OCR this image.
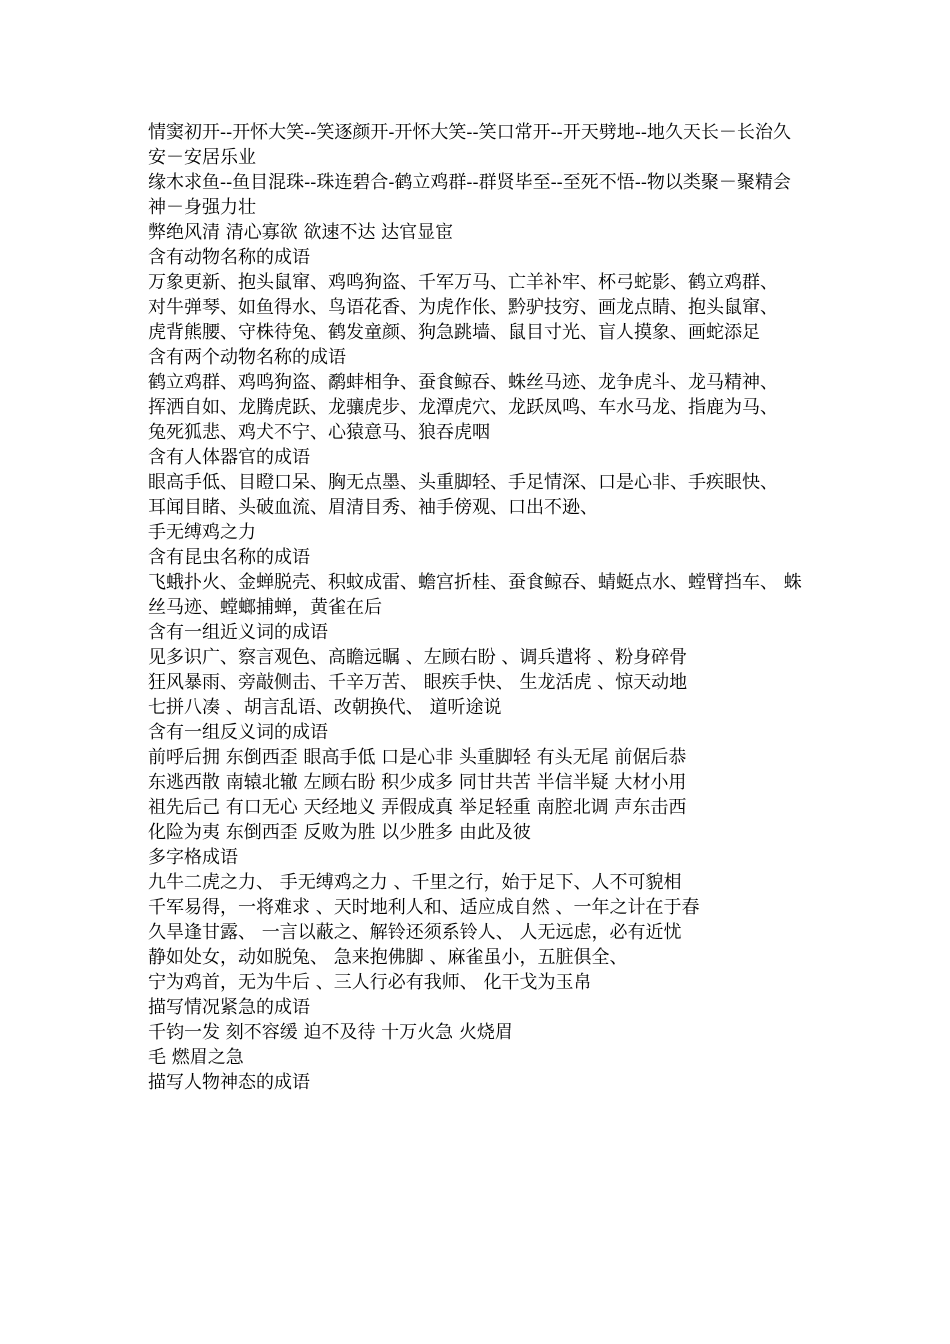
情窦初开--开怀大笑--笑逐颜开-开怀大笑--笑口常开--开天劈地--地久天长－长治久安－安居乐业
缘木求鱼--鱼目混珠--珠连碧合-鹤立鸡群--群贤毕至--至死不悟--物以类聚－聚精会神－身强力壮
弊绝风清 清心寡欲 欲速不达 达官显宦
含有动物名称的成语
万象更新、抱头鼠窜、鸡鸣狗盗、千军万马、亡羊补牢、杯弓蛇影、鹤立鸡群、
对牛弹琴、如鱼得水、鸟语花香、为虎作伥、黔驴技穷、画龙点睛、抱头鼠窜、
虎背熊腰、守株待兔、鹤发童颜、狗急跳墙、鼠目寸光、盲人摸象、画蛇添足
含有两个动物名称的成语
鹤立鸡群、鸡鸣狗盗、鹬蚌相争、蚕食鲸吞、蛛丝马迹、龙争虎斗、龙马精神、
挥洒自如、龙腾虎跃、龙骧虎步、龙潭虎穴、龙跃凤鸣、车水马龙、指鹿为马、
兔死狐悲、鸡犬不宁、心猿意马、狼吞虎咽
含有人体器官的成语
眼高手低、目瞪口呆、胸无点墨、头重脚轻、手足情深、口是心非、手疾眼快、
耳闻目睹、头破血流、眉清目秀、袖手傍观、口出不逊、
手无缚鸡之力
含有昆虫名称的成语
飞蛾扑火、金蝉脱壳、积蚊成雷、蟾宫折桂、蚕食鲸吞、蜻蜓点水、螳臂挡车、 蛛丝马迹、螳螂捕蝉，黄雀在后
含有一组近义词的成语
见多识广、察言观色、高瞻远瞩 、左顾右盼 、调兵遣将 、粉身碎骨
狂风暴雨、旁敲侧击、千辛万苦、 眼疾手快、 生龙活虎 、惊天动地
七拼八凑 、胡言乱语、改朝换代、 道听途说
含有一组反义词的成语
前呼后拥 东倒西歪 眼高手低 口是心非 头重脚轻 有头无尾 前倨后恭
东逃西散 南辕北辙 左顾右盼 积少成多 同甘共苦 半信半疑 大材小用
祖先后己 有口无心 天经地义 弄假成真 举足轻重 南腔北调 声东击西
化险为夷 东倒西歪 反败为胜 以少胜多 由此及彼
多字格成语
九牛二虎之力、 手无缚鸡之力 、千里之行，始于足下、人不可貌相
千军易得，一将难求 、天时地利人和、适应成自然 、一年之计在于春
久旱逢甘露、 一言以蔽之、解铃还须系铃人、 人无远虑，必有近忧
静如处女，动如脱兔、 急来抱佛脚 、麻雀虽小，五脏俱全、
宁为鸡首，无为牛后 、三人行必有我师、 化干戈为玉帛
描写情况紧急的成语
千钧一发 刻不容缓 迫不及待 十万火急 火烧眉
毛 燃眉之急
描写人物神态的成语
